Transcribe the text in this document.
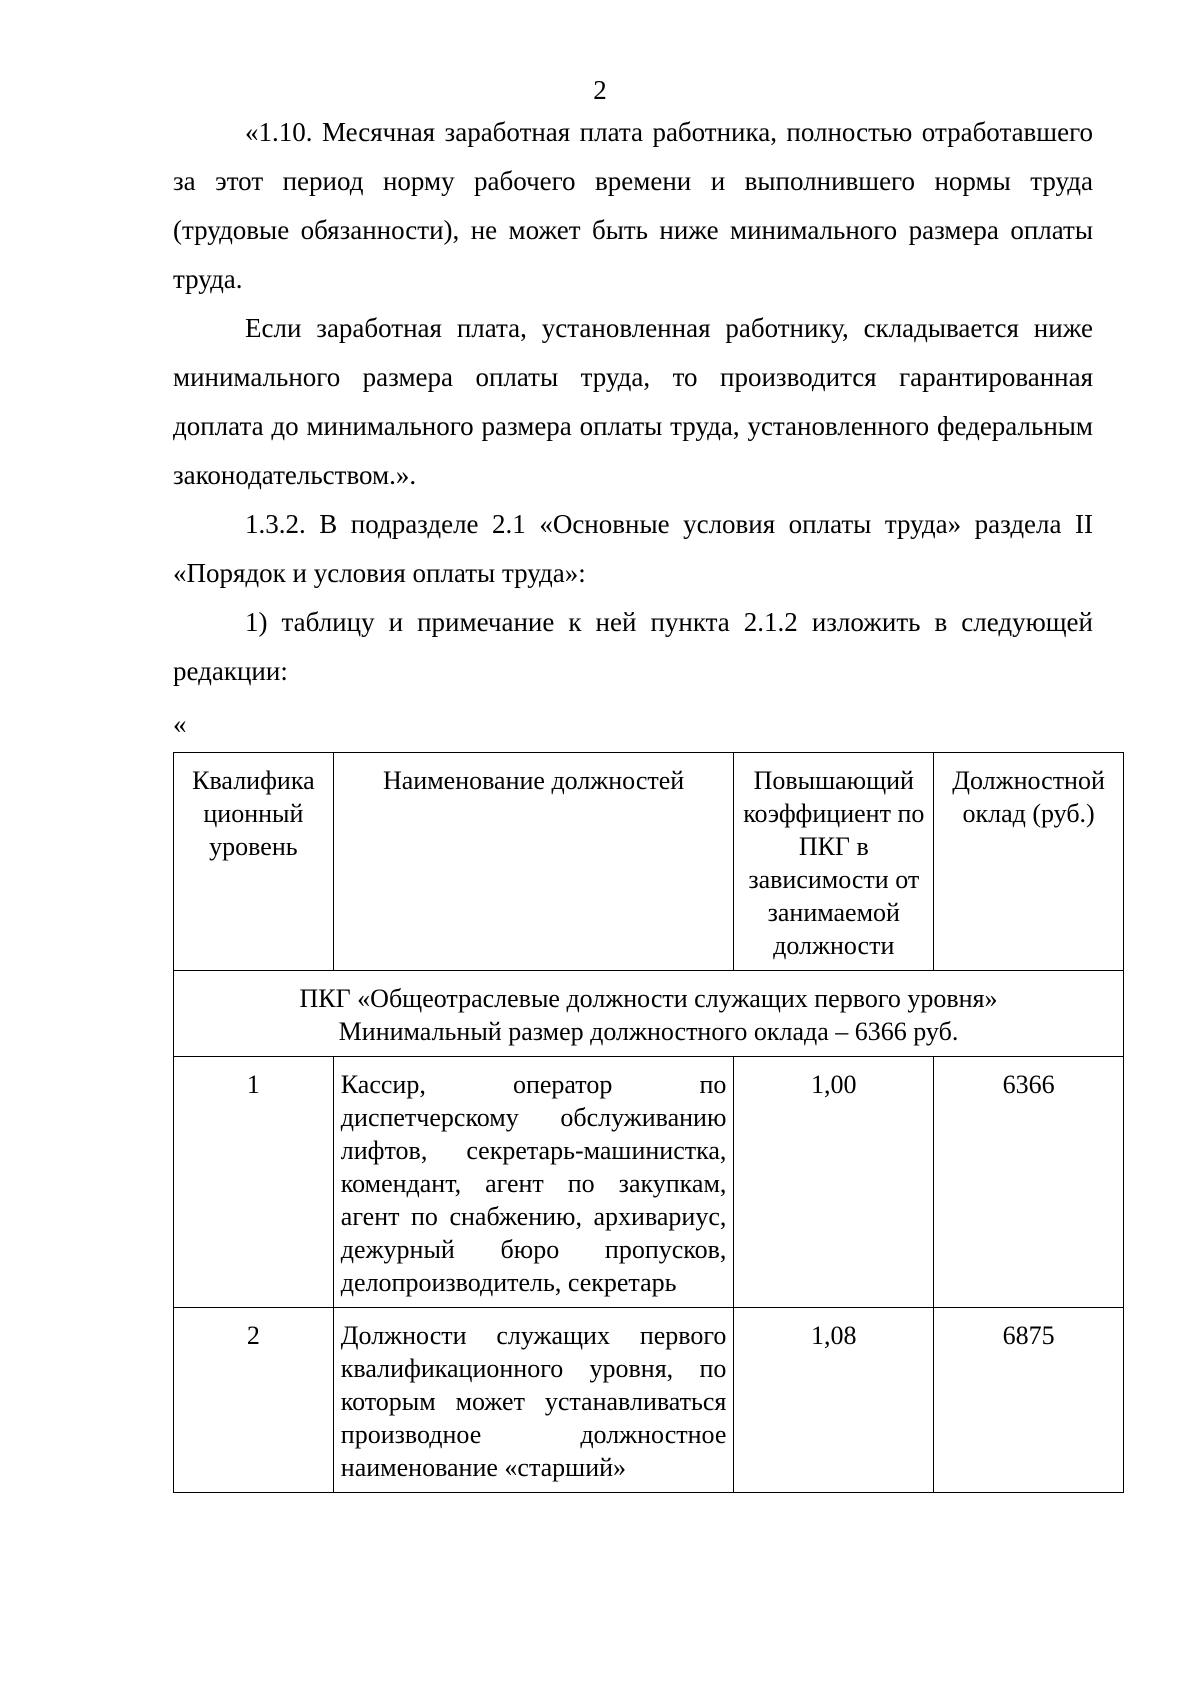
2

«1.10. Месячная заработная плата работника, полностью отработавшего за этот период норму рабочего времени и выполнившего нормы труда (трудовые обязанности), не может быть ниже минимального размера оплаты труда.

Если заработная плата, установленная работнику, складывается ниже минимального размера оплаты труда, то производится гарантированная доплата до минимального размера оплаты труда, установленного федеральным законодательством.».

1.3.2. В подразделе 2.1 «Основные условия оплаты труда» раздела II «Порядок и условия оплаты труда»:

1) таблицу и примечание к ней пункта 2.1.2 изложить в следующей редакции:

«
Квалифика ционный уровень	Наименование должностей	Повышающий коэффициент по ПКГ в зависимости от занимаемой должности	Должностной оклад (руб.)

ПКГ «Общеотраслевые должности служащих первого уровня»
Минимальный размер должностного оклада – 6366 руб.			

1	Кассир, оператор по диспетчерскому обслуживанию лифтов, секретарь-машинистка, комендант, агент по закупкам, агент по снабжению, архивариус, дежурный бюро пропусков, делопроизводитель, секретарь	1,00	6366
2	Должности служащих первого квалификационного уровня, по которым может устанавливаться производное должностное наименование «старший»	1,08	6875
